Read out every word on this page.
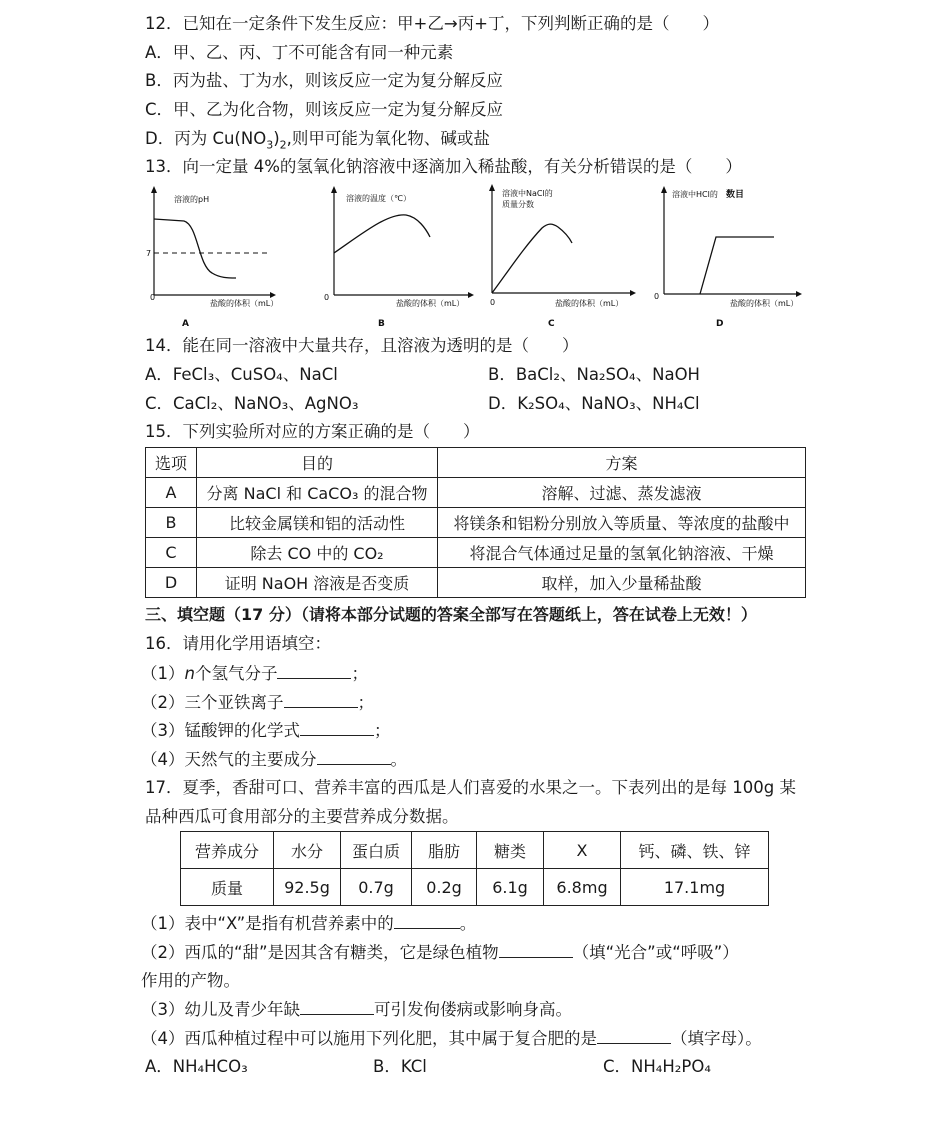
12．已知在一定条件下发生反应：甲+乙→丙+丁，下列判断正确的是（　　）
A．甲、乙、丙、丁不可能含有同一种元素
B．丙为盐、丁为水，则该反应一定为复分解反应
C．甲、乙为化合物，则该反应一定为复分解反应
D．丙为 $Cu(NO_3)_2$,则甲可能为氧化物、碱或盐
13．向一定量 4%的氢氧化钠溶液中逐滴加入稀盐酸，有关分析错误的是（　　）
溶液的pH
7
0
盐酸的体积（mL）
A
溶液的温度（℃）
0
盐酸的体积（mL）
B
溶液中NaCl的
质量分数
0	盐酸的体积（mL）
C
溶液中HCl的 数目
0
盐酸的体积（mL）
D
14．能在同一溶液中大量共存，且溶液为透明的是（　　）
A．FeCl₃、CuSO₄、NaCl	B．BaCl₂、Na₂SO₄、NaOH
C．CaCl₂、NaNO₃、AgNO₃	D．K₂SO₄、NaNO₃、NH₄Cl
15．下列实验所对应的方案正确的是（　　）
选项	目的	方案
A	分离 NaCl 和 CaCO₃ 的混合物	溶解、过滤、蒸发滤液
B	比较金属镁和铝的活动性	将镁条和铝粉分别放入等质量、等浓度的盐酸中
C	除去 CO 中的 CO₂	将混合气体通过足量的氢氧化钠溶液、干燥
D	证明 NaOH 溶液是否变质	取样，加入少量稀盐酸
三、填空题（17 分）（请将本部分试题的答案全部写在答题纸上，答在试卷上无效！）
16．请用化学用语填空：
（1）n个氢气分子	；
（2）三个亚铁离子	；
（3）锰酸钾的化学式	；
（4）天然气的主要成分	。
17．夏季，香甜可口、营养丰富的西瓜是人们喜爱的水果之一。下表列出的是每 100g 某
品种西瓜可食用部分的主要营养成分数据。
营养成分	水分	蛋白质	脂肪	糖类	X	钙、磷、铁、锌
质量	92.5g	0.7g	0.2g	6.1g	6.8mg	17.1mg
（1）表中“X”是指有机营养素中的	。
（2）西瓜的“甜”是因其含有糖类，它是绿色植物	（填“光合”或“呼吸”）
作用的产物。
（3）幼儿及青少年缺	可引发佝偻病或影响身高。
（4）西瓜种植过程中可以施用下列化肥，其中属于复合肥的是	（填字母）。
A．NH₄HCO₃	B．KCl	C．NH₄H₂PO₄
